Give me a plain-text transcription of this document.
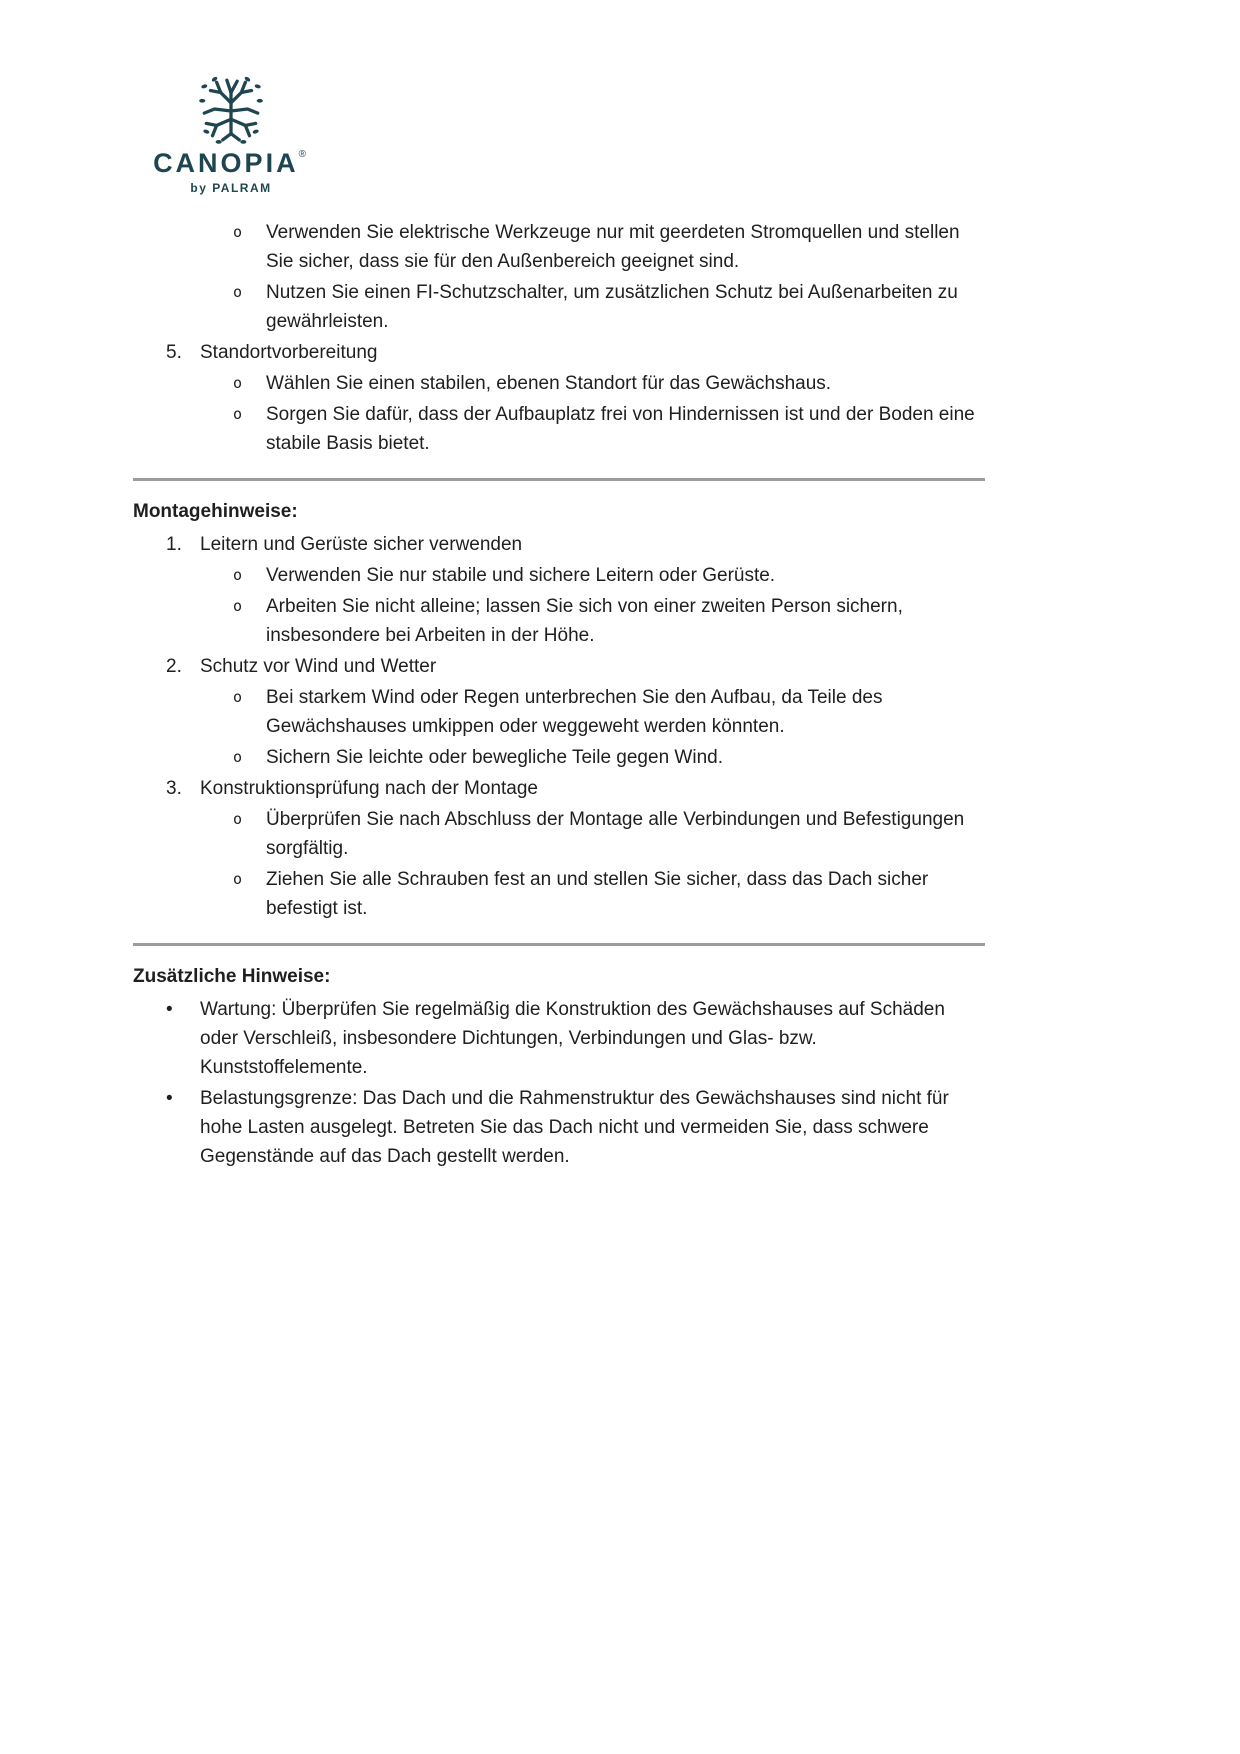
CANOPIA®
by PALRAM
o	Verwenden Sie elektrische Werkzeuge nur mit geerdeten Stromquellen und stellen Sie sicher, dass sie für den Außenbereich geeignet sind.
o	Nutzen Sie einen FI-Schutzschalter, um zusätzlichen Schutz bei Außenarbeiten zu gewährleisten.
5. Standortvorbereitung
o	Wählen Sie einen stabilen, ebenen Standort für das Gewächshaus.
o	Sorgen Sie dafür, dass der Aufbauplatz frei von Hindernissen ist und der Boden eine stabile Basis bietet.
Montagehinweise:
1. Leitern und Gerüste sicher verwenden
o	Verwenden Sie nur stabile und sichere Leitern oder Gerüste.
o	Arbeiten Sie nicht alleine; lassen Sie sich von einer zweiten Person sichern, insbesondere bei Arbeiten in der Höhe.
2. Schutz vor Wind und Wetter
o	Bei starkem Wind oder Regen unterbrechen Sie den Aufbau, da Teile des Gewächshauses umkippen oder weggeweht werden könnten.
o	Sichern Sie leichte oder bewegliche Teile gegen Wind.
3. Konstruktionsprüfung nach der Montage
o	Überprüfen Sie nach Abschluss der Montage alle Verbindungen und Befestigungen sorgfältig.
o	Ziehen Sie alle Schrauben fest an und stellen Sie sicher, dass das Dach sicher befestigt ist.
Zusätzliche Hinweise:
•	Wartung: Überprüfen Sie regelmäßig die Konstruktion des Gewächshauses auf Schäden oder Verschleiß, insbesondere Dichtungen, Verbindungen und Glas- bzw. Kunststoffelemente.
•	Belastungsgrenze: Das Dach und die Rahmenstruktur des Gewächshauses sind nicht für hohe Lasten ausgelegt. Betreten Sie das Dach nicht und vermeiden Sie, dass schwere Gegenstände auf das Dach gestellt werden.
